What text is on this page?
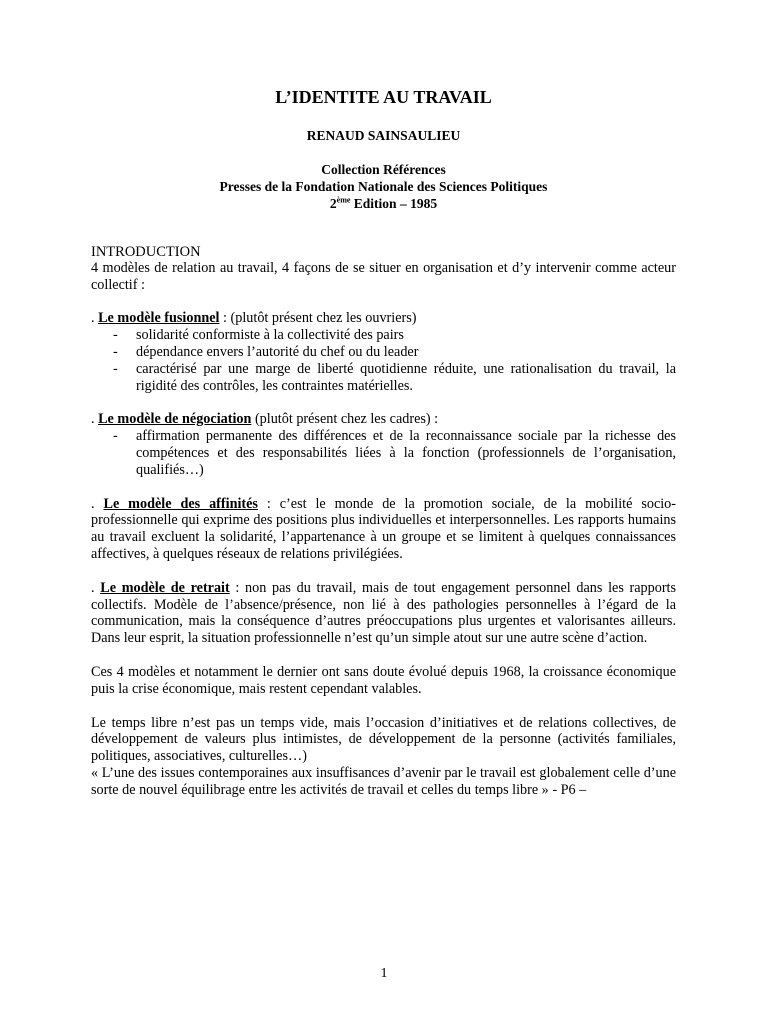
L’IDENTITE AU TRAVAIL

RENAUD SAINSAULIEU
Collection Références
Presses de la Fondation Nationale des Sciences Politiques
2ème Edition – 1985
INTRODUCTION

4 modèles de relation au travail, 4 façons de se situer en organisation et d’y intervenir comme acteur collectif :

. Le modèle fusionnel : (plutôt présent chez les ouvriers)

- solidarité conformiste à la collectivité des pairs
- dépendance envers l’autorité du chef ou du leader
- caractérisé par une marge de liberté quotidienne réduite, une rationalisation du travail, la rigidité des contrôles, les contraintes matérielles.

. Le modèle de négociation (plutôt présent chez les cadres) :

- affirmation permanente des différences et de la reconnaissance sociale par la richesse des compétences et des responsabilités liées à la fonction (professionnels de l’organisation, qualifiés…)

. Le modèle des affinités : c’est le monde de la promotion sociale, de la mobilité socio-professionnelle qui exprime des positions plus individuelles et interpersonnelles. Les rapports humains au travail excluent la solidarité, l’appartenance à un groupe et se limitent à quelques connaissances affectives, à quelques réseaux de relations privilégiées.

. Le modèle de retrait : non pas du travail, mais de tout engagement personnel dans les rapports collectifs. Modèle de l’absence/présence, non lié à des pathologies personnelles à l’égard de la communication, mais la conséquence d’autres préoccupations plus urgentes et valorisantes ailleurs. Dans leur esprit, la situation professionnelle n’est qu’un simple atout sur une autre scène d’action.

Ces 4 modèles et notamment le dernier ont sans doute évolué depuis 1968, la croissance économique puis la crise économique, mais restent cependant valables.

Le temps libre n’est pas un temps vide, mais l’occasion d’initiatives et de relations collectives, de développement de valeurs plus intimistes, de développement de la personne (activités familiales, politiques, associatives, culturelles…)

« L’une des issues contemporaines aux insuffisances d’avenir par le travail est globalement celle d’une sorte de nouvel équilibrage entre les activités de travail et celles du temps libre » - P6 –

1
